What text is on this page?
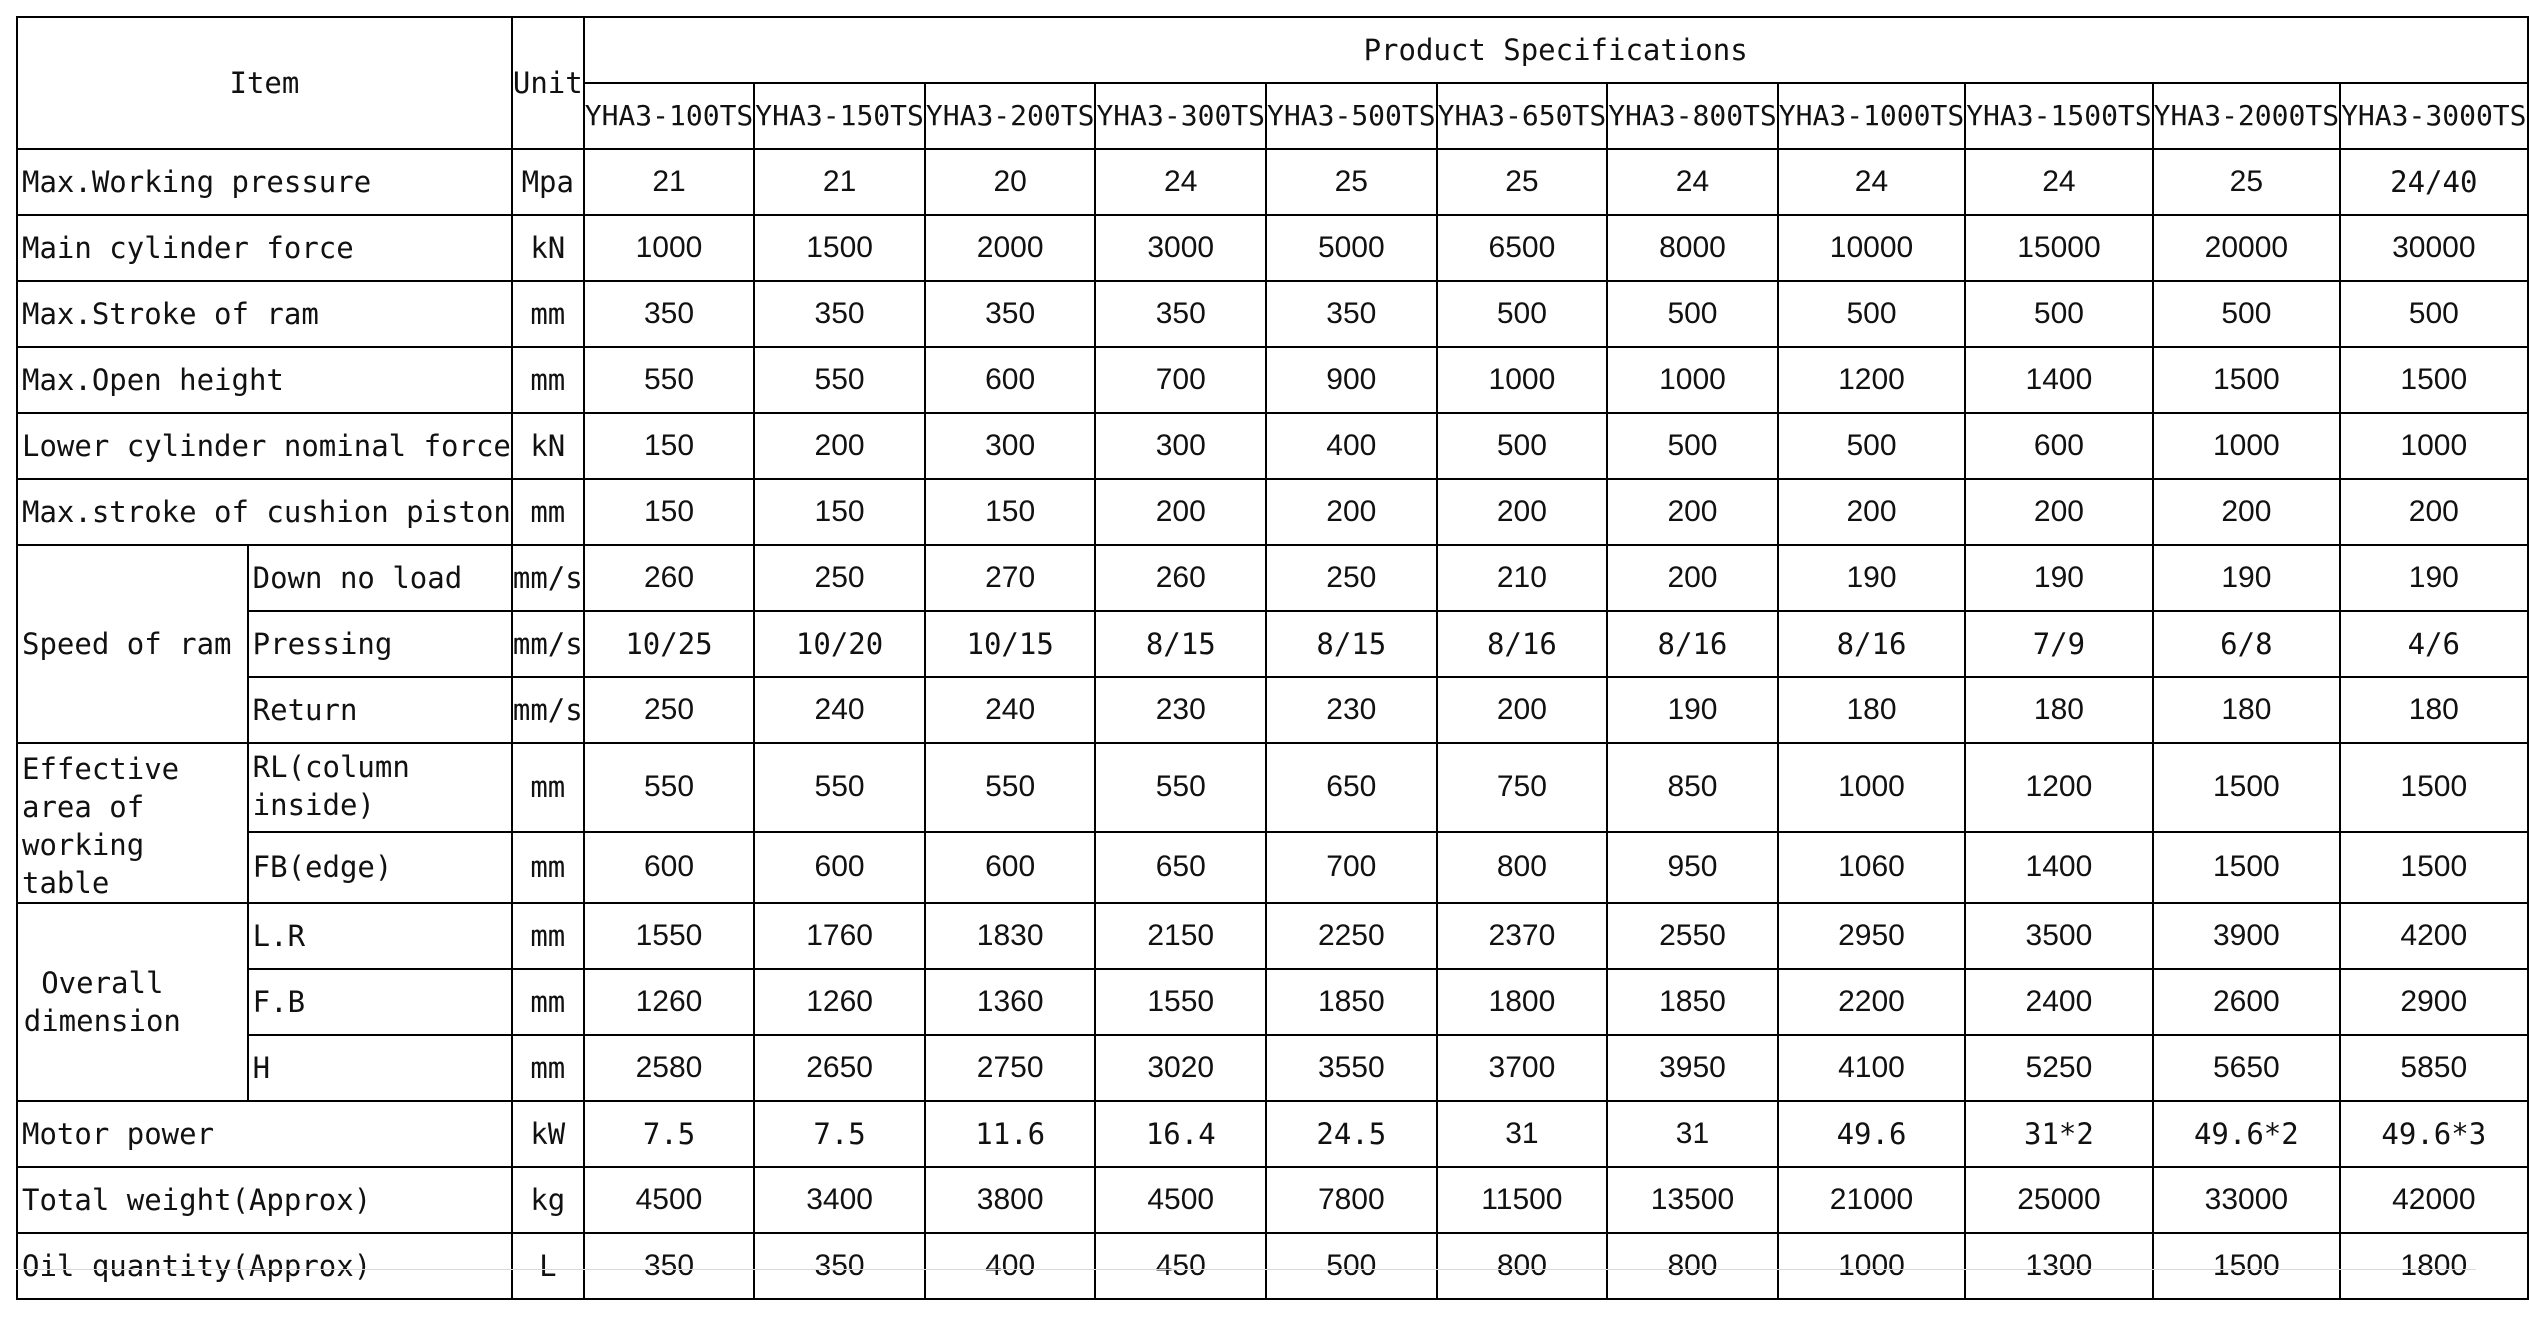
Item		Unit	Product Specifications										
			YHA3-100TS	YHA3-150TS	YHA3-200TS	YHA3-300TS	YHA3-500TS	YHA3-650TS	YHA3-800TS	YHA3-1000TS	YHA3-1500TS	YHA3-2000TS	YHA3-3000TS
Max.Working pressure		Mpa	21	21	20	24	25	25	24	24	24	25	24/40
Main cylinder force		kN	1000	1500	2000	3000	5000	6500	8000	10000	15000	20000	30000
Max.Stroke of ram		mm	350	350	350	350	350	500	500	500	500	500	500
Max.Open height		mm	550	550	600	700	900	1000	1000	1200	1400	1500	1500
Lower cylinder nominal force		kN	150	200	300	300	400	500	500	500	600	1000	1000
Max.stroke of cushion piston		mm	150	150	150	200	200	200	200	200	200	200	200
Speed of ram	Down no load	mm/s	260	250	270	260	250	210	200	190	190	190	190
	Pressing	mm/s	10/25	10/20	10/15	8/15	8/15	8/16	8/16	8/16	7/9	6/8	4/6
	Return	mm/s	250	240	240	230	230	200	190	180	180	180	180
Effective area of working table	RL(column inside)	mm	550	550	550	550	650	750	850	1000	1200	1500	1500
	FB(edge)	mm	600	600	600	650	700	800	950	1060	1400	1500	1500
Overall dimension	L.R	mm	1550	1760	1830	2150	2250	2370	2550	2950	3500	3900	4200
	F.B	mm	1260	1260	1360	1550	1850	1800	1850	2200	2400	2600	2900
	H	mm	2580	2650	2750	3020	3550	3700	3950	4100	5250	5650	5850
Motor power		kW	7.5	7.5	11.6	16.4	24.5	31	31	49.6	31*2	49.6*2	49.6*3
Total weight(Approx)		kg	4500	3400	3800	4500	7800	11500	13500	21000	25000	33000	42000
Oil quantity(Approx)		L	350	350	400	450	500	800	800	1000	1300	1500	1800
